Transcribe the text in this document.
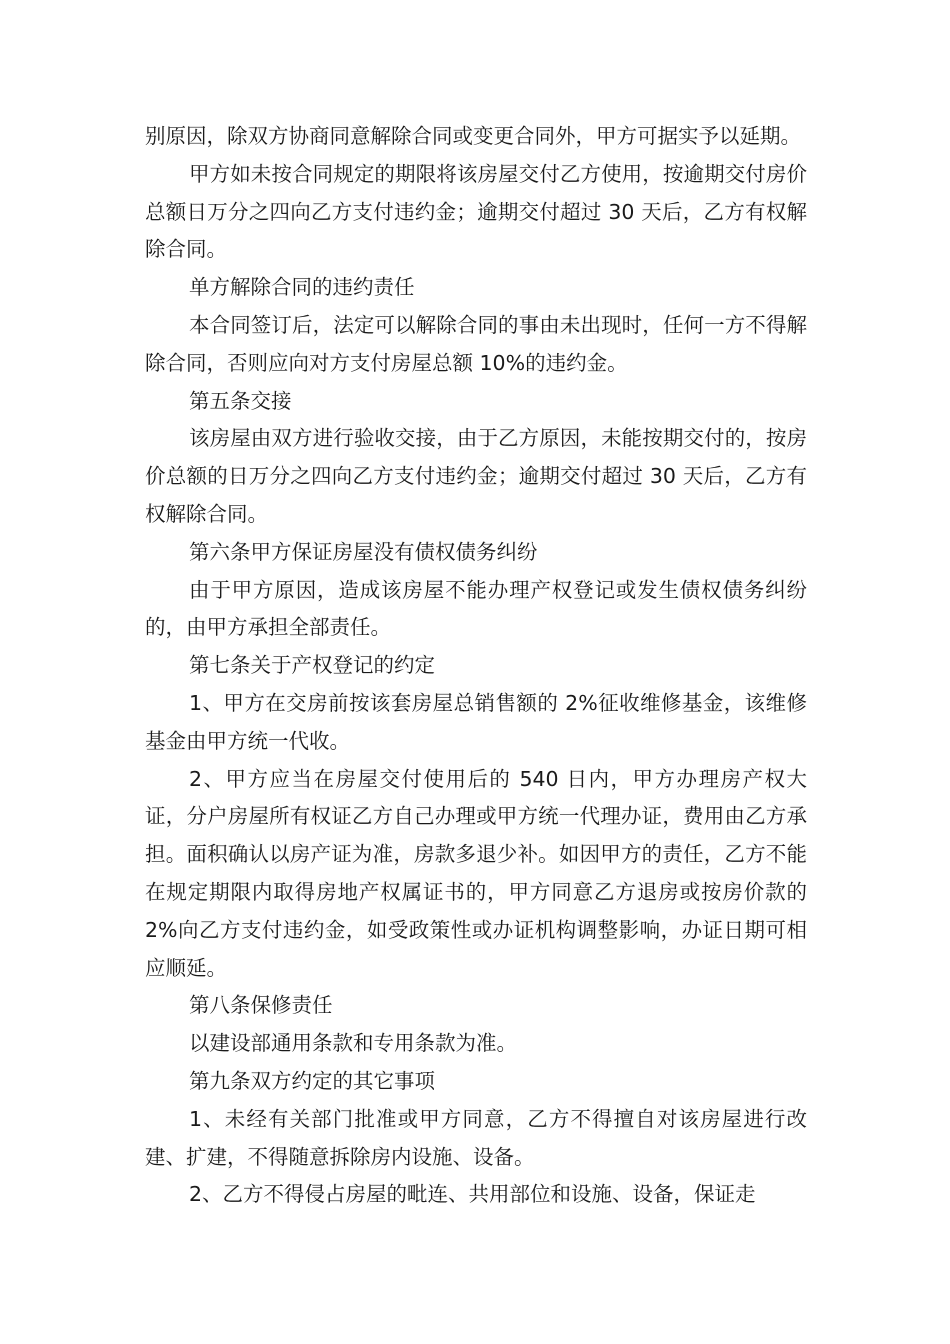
别原因，除双方协商同意解除合同或变更合同外，甲方可据实予以延期。

甲方如未按合同规定的期限将该房屋交付乙方使用，按逾期交付房价总额日万分之四向乙方支付违约金；逾期交付超过 30 天后，乙方有权解除合同。

单方解除合同的违约责任

本合同签订后，法定可以解除合同的事由未出现时，任何一方不得解除合同，否则应向对方支付房屋总额 10%的违约金。

第五条交接

该房屋由双方进行验收交接，由于乙方原因，未能按期交付的，按房价总额的日万分之四向乙方支付违约金；逾期交付超过 30 天后，乙方有权解除合同。

第六条甲方保证房屋没有债权债务纠纷

由于甲方原因，造成该房屋不能办理产权登记或发生债权债务纠纷的，由甲方承担全部责任。

第七条关于产权登记的约定

1、甲方在交房前按该套房屋总销售额的 2%征收维修基金，该维修基金由甲方统一代收。

2、甲方应当在房屋交付使用后的 540 日内，甲方办理房产权大证，分户房屋所有权证乙方自己办理或甲方统一代理办证，费用由乙方承担。面积确认以房产证为准，房款多退少补。如因甲方的责任，乙方不能在规定期限内取得房地产权属证书的，甲方同意乙方退房或按房价款的 2%向乙方支付违约金，如受政策性或办证机构调整影响，办证日期可相应顺延。

第八条保修责任

以建设部通用条款和专用条款为准。

第九条双方约定的其它事项

1、未经有关部门批准或甲方同意，乙方不得擅自对该房屋进行改建、扩建，不得随意拆除房内设施、设备。

2、乙方不得侵占房屋的毗连、共用部位和设施、设备，保证走
